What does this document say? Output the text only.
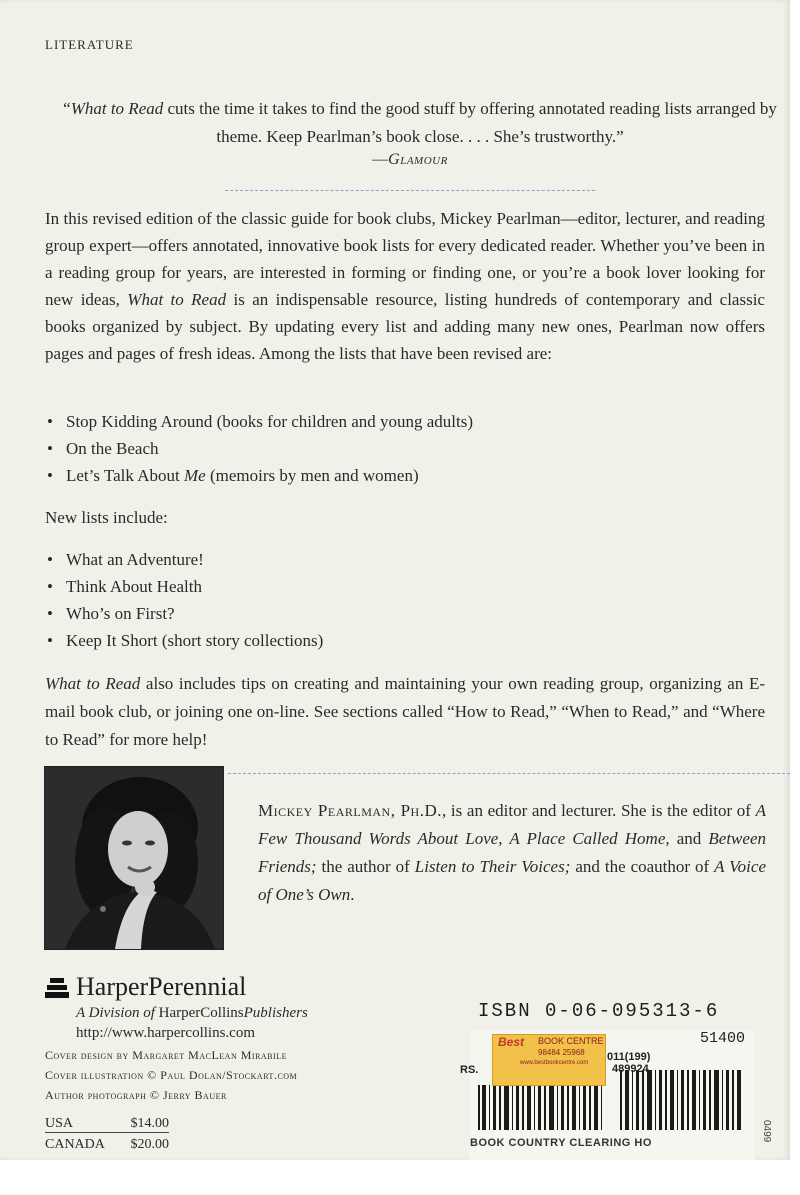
LITERATURE
“What to Read cuts the time it takes to find the good stuff by offering annotated reading lists arranged by theme. Keep Pearlman’s book close. . . . She’s trustworthy.”
—Glamour
In this revised edition of the classic guide for book clubs, Mickey Pearlman—editor, lecturer, and reading group expert—offers annotated, innovative book lists for every dedicated reader. Whether you’ve been in a reading group for years, are interested in forming or finding one, or you’re a book lover looking for new ideas, What to Read is an indispensable resource, listing hundreds of contemporary and classic books organized by subject. By updating every list and adding many new ones, Pearlman now offers pages and pages of fresh ideas. Among the lists that have been revised are:
• Stop Kidding Around (books for children and young adults)
• On the Beach
• Let’s Talk About Me (memoirs by men and women)
New lists include:
• What an Adventure!
• Think About Health
• Who’s on First?
• Keep It Short (short story collections)
What to Read also includes tips on creating and maintaining your own reading group, organizing an E-mail book club, or joining one on-line. See sections called “How to Read,” “When to Read,” and “Where to Read” for more help!
Mickey Pearlman, Ph.D., is an editor and lecturer. She is the editor of A Few Thousand Words About Love, A Place Called Home, and Between Friends; the author of Listen to Their Voices; and the coauthor of A Voice of One’s Own.
HarperPerennial
A Division of HarperCollinsPublishers
http://www.harpercollins.com
Cover design by Margaret MacLean Mirabile
Cover illustration © Paul Dolan/Stockart.com
Author photograph © Jerry Bauer
USA	$14.00
CANADA $20.00
ISBN 0-06-095313-6
51400
Best BOOK CENTRE
98484 25968
www.bestbookcentre.com 011(199)
RS.	489924
BOOK COUNTRY CLEARING HO
0499
